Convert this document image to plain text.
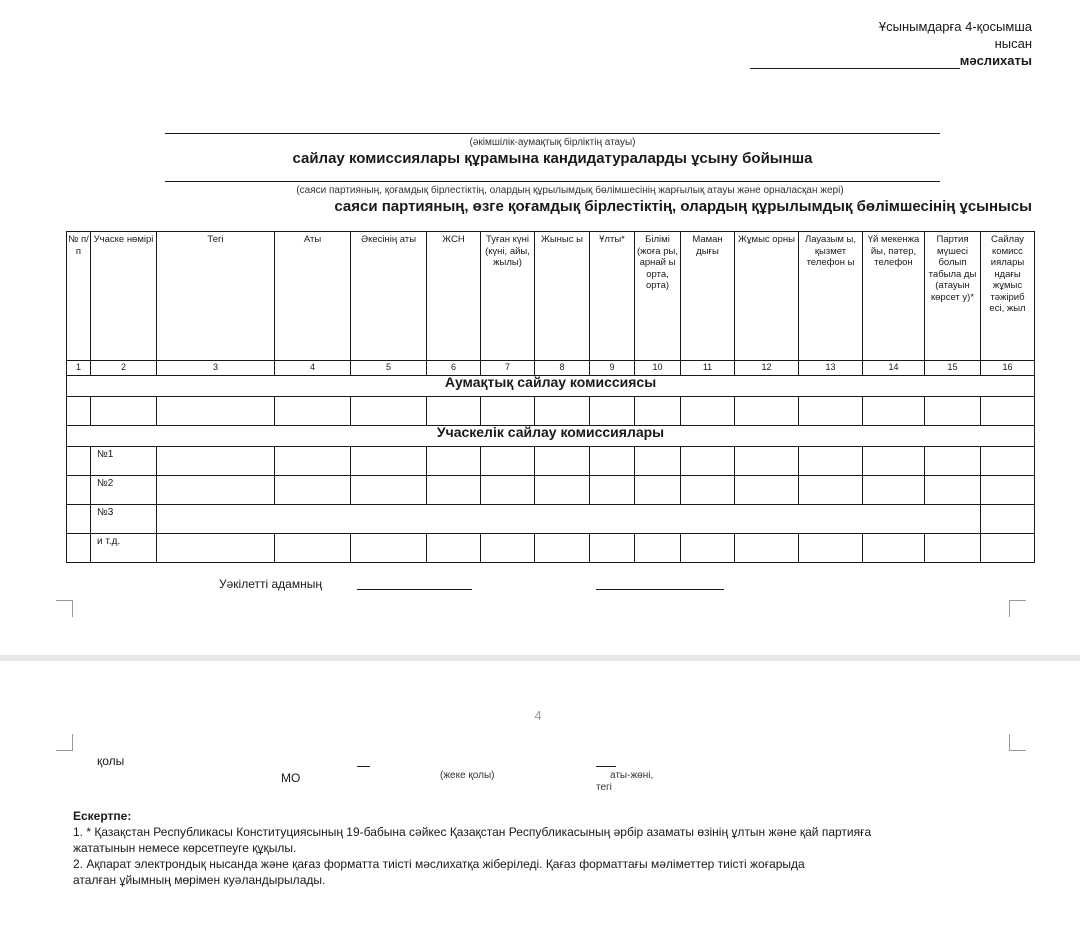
Ұсынымдарға 4-қосымша
нысан
мәслихаты
(әкімшілік-аумақтық бірліктің атауы)
сайлау комиссиялары құрамына кандидатураларды ұсыну бойынша
(саяси партияның, қоғамдық бірлестіктің, олардың құрылымдық бөлімшесінің жарғылық атауы және орналасқан жері)
саяси партияның, өзге қоғамдық бірлестіктің, олардың құрылымдық бөлімшесінің ұсынысы
№ п/п	Учаске нөмірі	Тегі	Аты	Әкесінің аты	ЖСН	Туған күні (күні, айы, жылы)	Жыныс ы	Ұлты*	Білімі (жоға ры, арнай ы орта, орта)	Маман дығы	Жұмыс орны	Лауазым ы, қызмет телефон ы	Үй мекенжа йы, пәтер, телефон	Партия мүшесі болып табыла ды (атауын көрсет у)*	Сайлау комисс иялары ндағы жұмыс тәжіриб есі, жыл
1	2	3	4	5	6	7	8	9	10	11	12	13	14	15	16
Аумақтық сайлау комиссиясы															

Учаскелік сайлау комиссиялары															
	№1														
	№2														
	№3														
	и т.д.														
Уәкілетті адамның
4
қолы
МО	(жеке қолы)	аты-жөні,
тегі
Ескертпе:
1. * Қазақстан Республикасы Конституциясының 19-бабына сәйкес Қазақстан Республикасының әрбір азаматы өзінің ұлтын және қай партияға
жататынын немесе көрсетпеуге құқылы.
2. Ақпарат электрондық нысанда және қағаз форматта тиісті мәслихатқа жіберіледі. Қағаз форматтағы мәліметтер тиісті жоғарыда
аталған ұйымның мөрімен куәландырылады.
